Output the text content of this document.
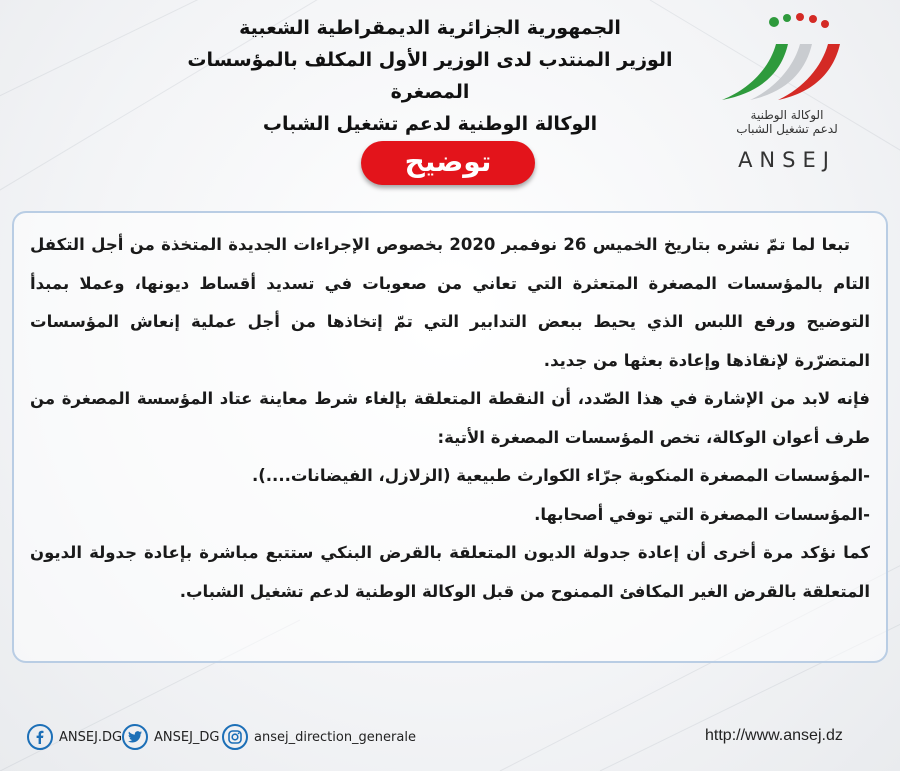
الجمهورية الجزائرية الديمقراطية الشعبية
الوزير المنتدب لدى الوزير الأول المكلف بالمؤسسات المصغرة
الوكالة الوطنية لدعم تشغيل الشباب	الوكالة الوطنية
لدعم تشغيل الشباب
ANSEJ
توضيح

تبعا لما تمّ نشره بتاريخ الخميس 26 نوفمبر 2020 بخصوص الإجراءات الجديدة المتخذة من أجل التكفل التام بالمؤسسات المصغرة المتعثرة التي تعاني من صعوبات في تسديد أقساط ديونها، وعملا بمبدأ التوضيح ورفع اللبس الذي يحيط ببعض التدابير التي تمّ إتخاذها من أجل عملية إنعاش المؤسسات المتضرّرة لإنقاذها وإعادة بعثها من جديد.

فإنه لابد من الإشارة في هذا الصّدد، أن النقطة المتعلقة بإلغاء شرط معاينة عتاد المؤسسة المصغرة من طرف أعوان الوكالة، تخص المؤسسات المصغرة الأتية:

-المؤسسات المصغرة المنكوبة جرّاء الكوارث طبيعية (الزلازل، الفيضانات....).

-المؤسسات المصغرة التي توفي أصحابها.

كما نؤكد مرة أخرى أن إعادة جدولة الديون المتعلقة بالقرض البنكي ستتبع مباشرة بإعادة جدولة الديون المتعلقة بالقرض الغير المكافئ الممنوح من قبل الوكالة الوطنية لدعم تشغيل الشباب.

ANSEJ.DG ANSEJ_DG	ansej_direction_generale	http://www.ansej.dz
